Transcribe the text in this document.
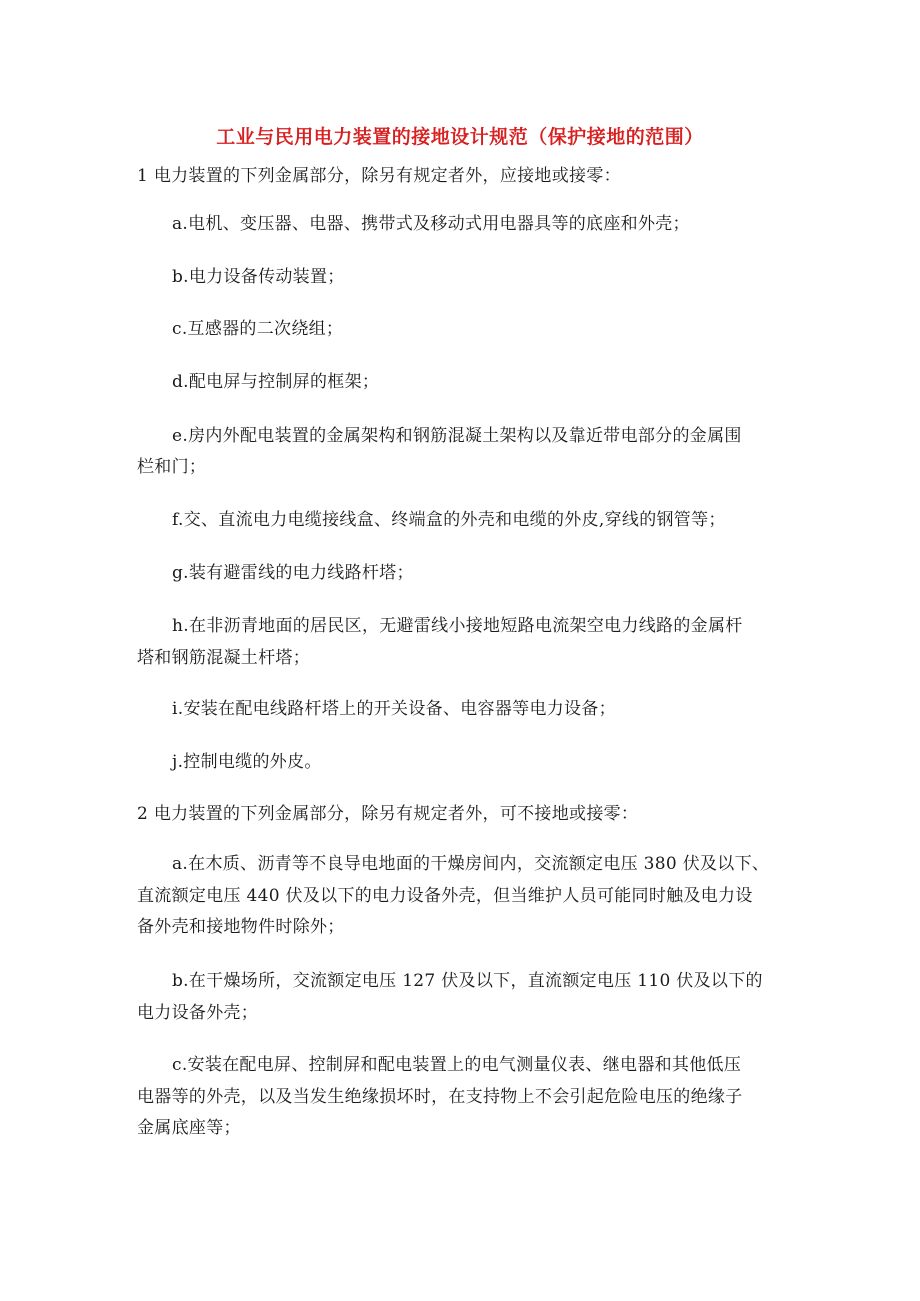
工业与民用电力装置的接地设计规范（保护接地的范围）
1 电力装置的下列金属部分，除另有规定者外，应接地或接零：
a.电机、变压器、电器、携带式及移动式用电器具等的底座和外壳；
b.电力设备传动装置；
c.互感器的二次绕组；
d.配电屏与控制屏的框架；
e.房内外配电装置的金属架构和钢筋混凝土架构以及靠近带电部分的金属围
栏和门；
f.交、直流电力电缆接线盒、终端盒的外壳和电缆的外皮,穿线的钢管等；
g.装有避雷线的电力线路杆塔；
h.在非沥青地面的居民区，无避雷线小接地短路电流架空电力线路的金属杆
塔和钢筋混凝土杆塔；
i.安装在配电线路杆塔上的开关设备、电容器等电力设备；
j.控制电缆的外皮。
2 电力装置的下列金属部分，除另有规定者外，可不接地或接零：
a.在木质、沥青等不良导电地面的干燥房间内，交流额定电压 380 伏及以下、
直流额定电压 440 伏及以下的电力设备外壳，但当维护人员可能同时触及电力设
备外壳和接地物件时除外；
b.在干燥场所，交流额定电压 127 伏及以下，直流额定电压 110 伏及以下的
电力设备外壳；
c.安装在配电屏、控制屏和配电装置上的电气测量仪表、继电器和其他低压
电器等的外壳，以及当发生绝缘损坏时，在支持物上不会引起危险电压的绝缘子
金属底座等；
